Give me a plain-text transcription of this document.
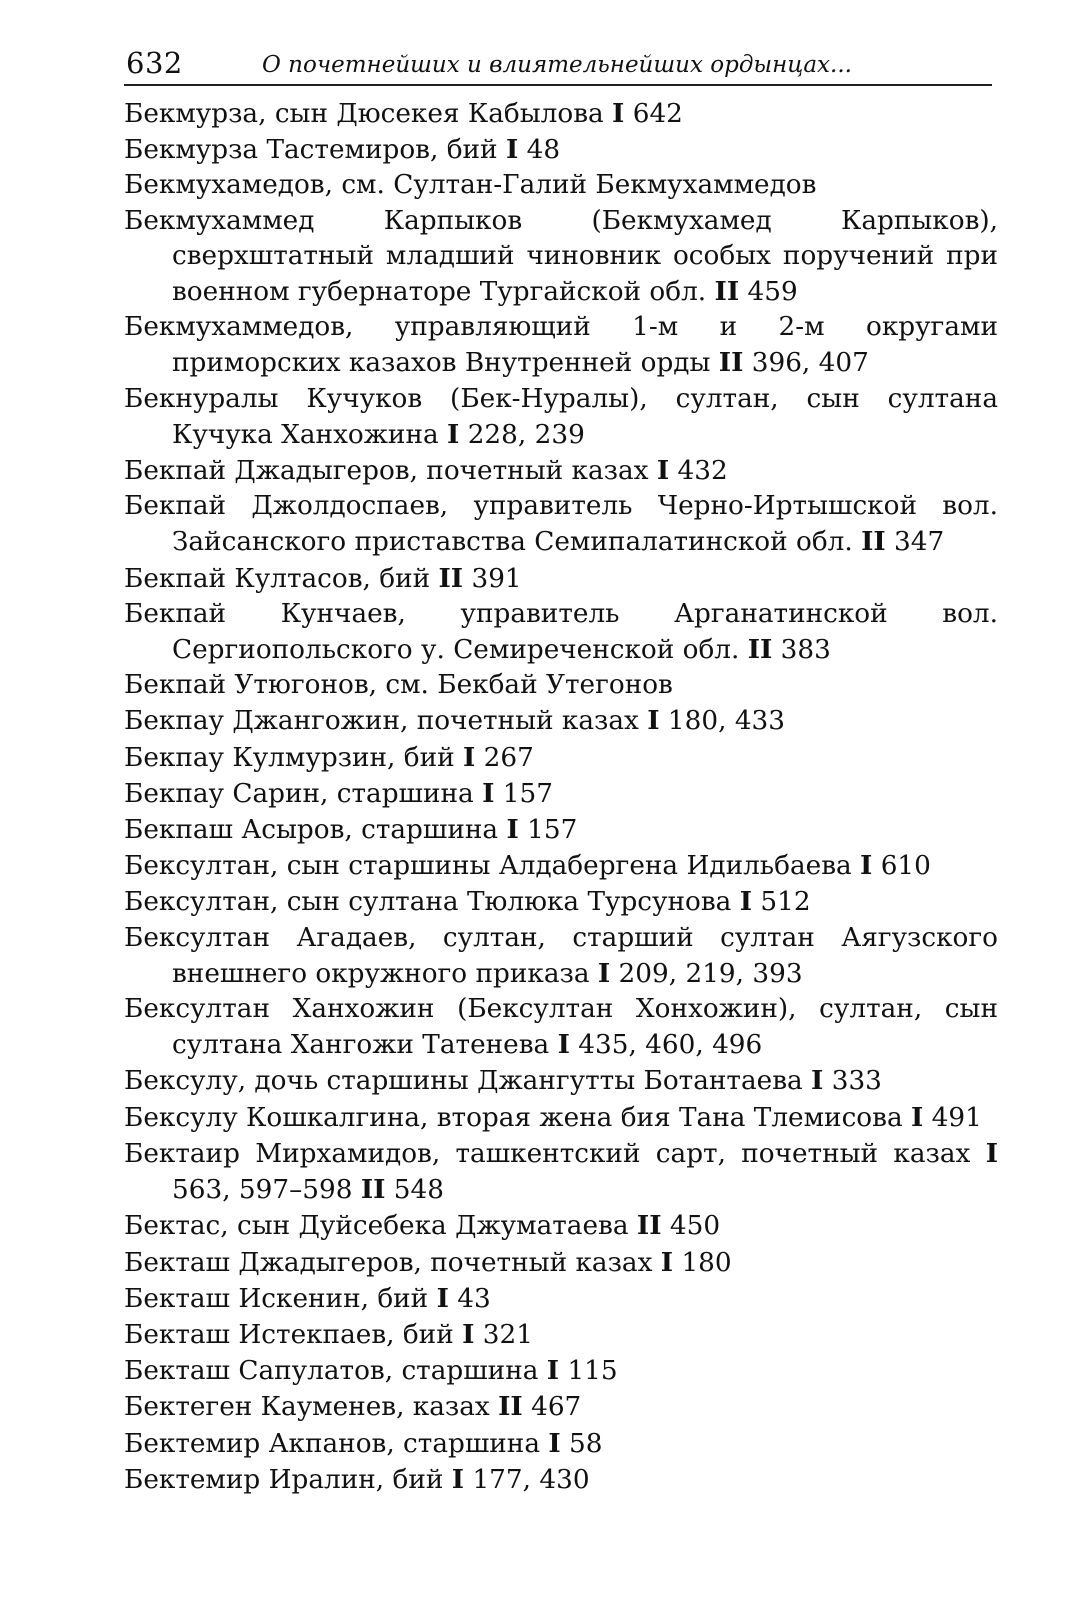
632	О почетнейших и влиятельнейших ордынцах...
Бекмурза, сын Дюсекея Кабылова I 642
Бекмурза Тастемиров, бий I 48
Бекмухамедов, см. Султан-Галий Бекмухаммедов
Бекмухаммед Карпыков (Бекмухамед Карпыков), сверхштатный младший чиновник особых поручений при военном губернаторе Тургайской обл. II 459
Бекмухаммедов, управляющий 1-м и 2-м округами приморских казахов Внутренней орды II 396, 407
Бекнуралы Кучуков (Бек-Нуралы), султан, сын султана Кучука Ханхожина I 228, 239
Бекпай Джадыгеров, почетный казах I 432
Бекпай Джолдоспаев, управитель Черно-Иртышской вол. Зайсанского приставства Семипалатинской обл. II 347
Бекпай Култасов, бий II 391
Бекпай Кунчаев, управитель Арганатинской вол. Сергиопольского у. Семиреченской обл. II 383
Бекпай Утюгонов, см. Бекбай Утегонов
Бекпау Джангожин, почетный казах I 180, 433
Бекпау Кулмурзин, бий I 267
Бекпау Сарин, старшина I 157
Бекпаш Асыров, старшина I 157
Бексултан, сын старшины Алдабергена Идильбаева I 610
Бексултан, сын султана Тюлюка Турсунова I 512
Бексултан Агадаев, султан, старший султан Аягузского внешнего окружного приказа I 209, 219, 393
Бексултан Ханхожин (Бексултан Хонхожин), султан, сын султана Хангожи Татенева I 435, 460, 496
Бексулу, дочь старшины Джангутты Ботантаева I 333
Бексулу Кошкалгина, вторая жена бия Тана Тлемисова I 491
Бектаир Мирхамидов, ташкентский сарт, почетный казах I 563, 597–598 II 548
Бектас, сын Дуйсебека Джуматаева II 450
Бекташ Джадыгеров, почетный казах I 180
Бекташ Искенин, бий I 43
Бекташ Истекпаев, бий I 321
Бекташ Сапулатов, старшина I 115
Бектеген Кауменев, казах II 467
Бектемир Акпанов, старшина I 58
Бектемир Иралин, бий I 177, 430
